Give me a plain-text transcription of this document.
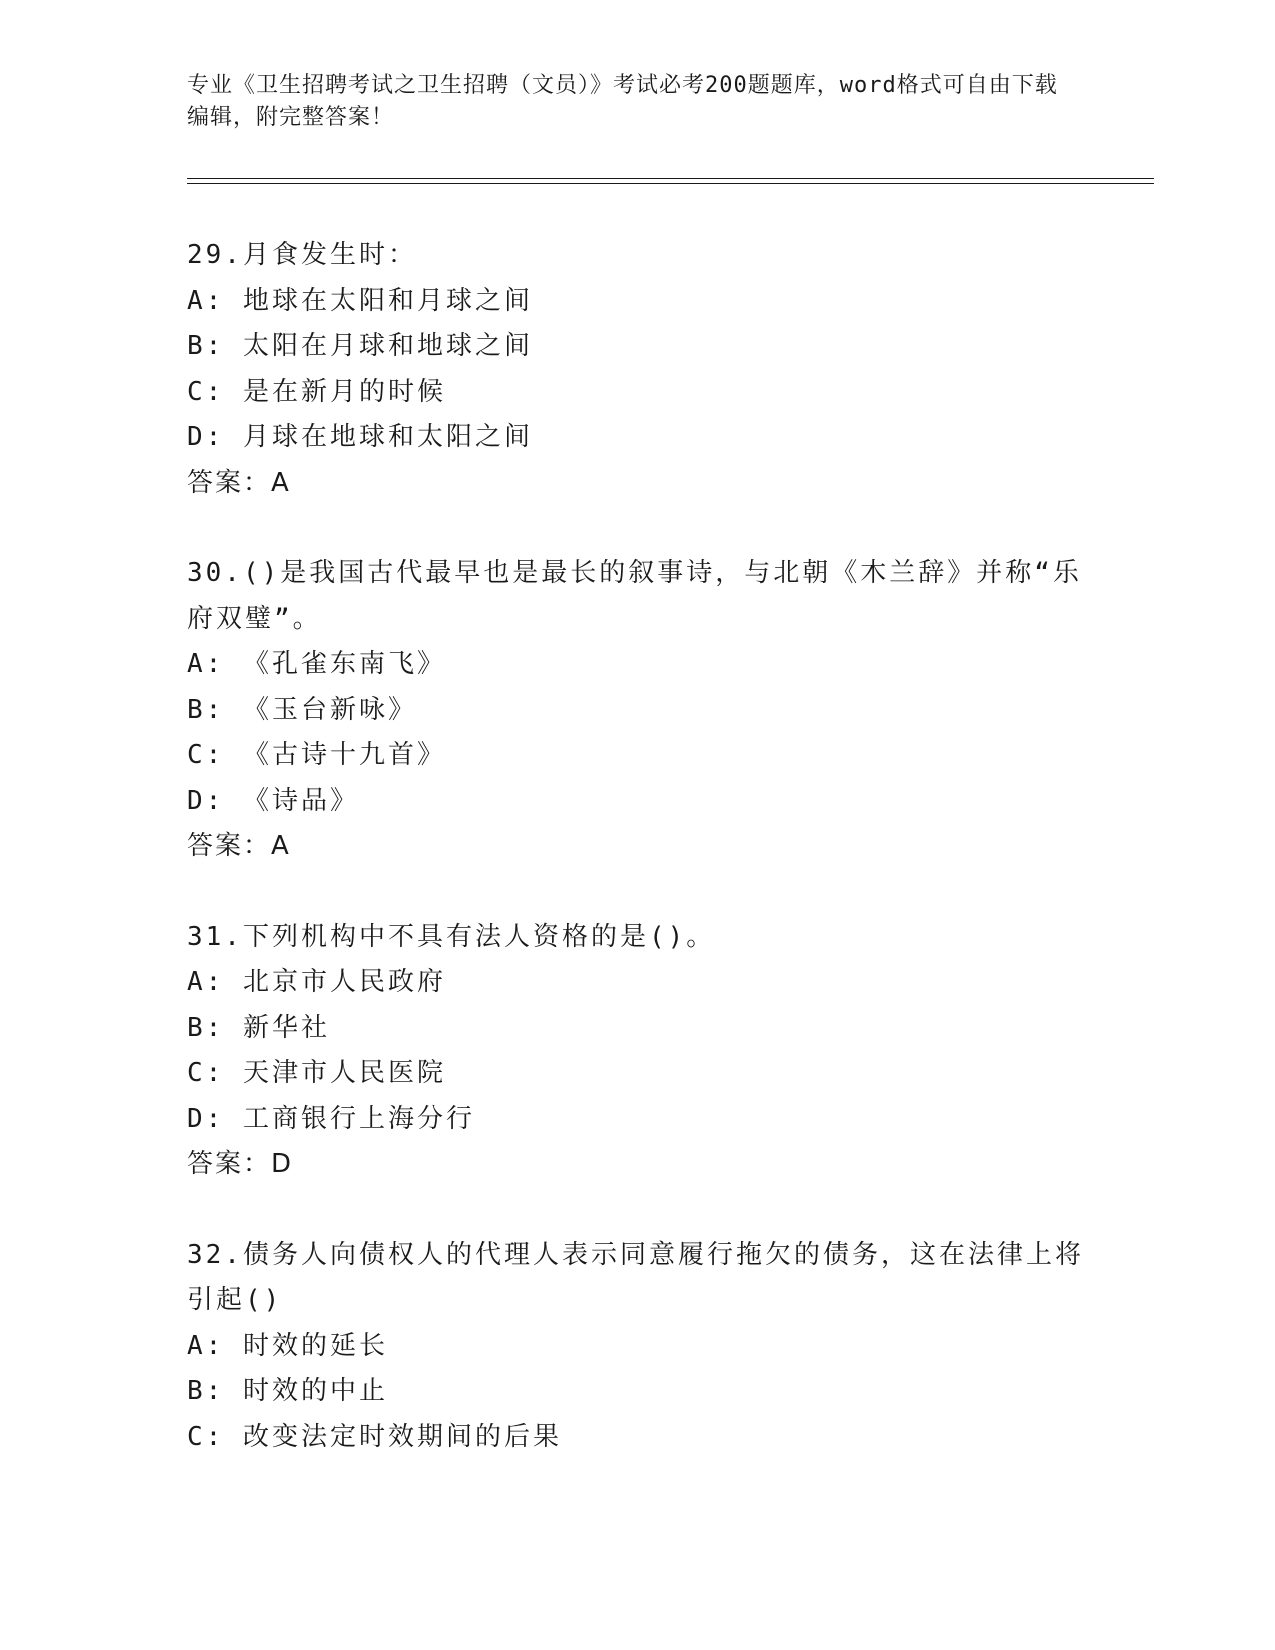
专业《卫生招聘考试之卫生招聘（文员）》考试必考200题题库，word格式可自由下载编辑，附完整答案！

29.月食发生时：

A: 地球在太阳和月球之间

B: 太阳在月球和地球之间

C: 是在新月的时候

D: 月球在地球和太阳之间

答案：A

30.()是我国古代最早也是最长的叙事诗，与北朝《木兰辞》并称“乐府双璧”。

A: 《孔雀东南飞》

B: 《玉台新咏》

C: 《古诗十九首》

D: 《诗品》

答案：A

31.下列机构中不具有法人资格的是()。

A: 北京市人民政府

B: 新华社

C: 天津市人民医院

D: 工商银行上海分行

答案：D

32.债务人向债权人的代理人表示同意履行拖欠的债务，这在法律上将引起()

A: 时效的延长

B: 时效的中止

C: 改变法定时效期间的后果
